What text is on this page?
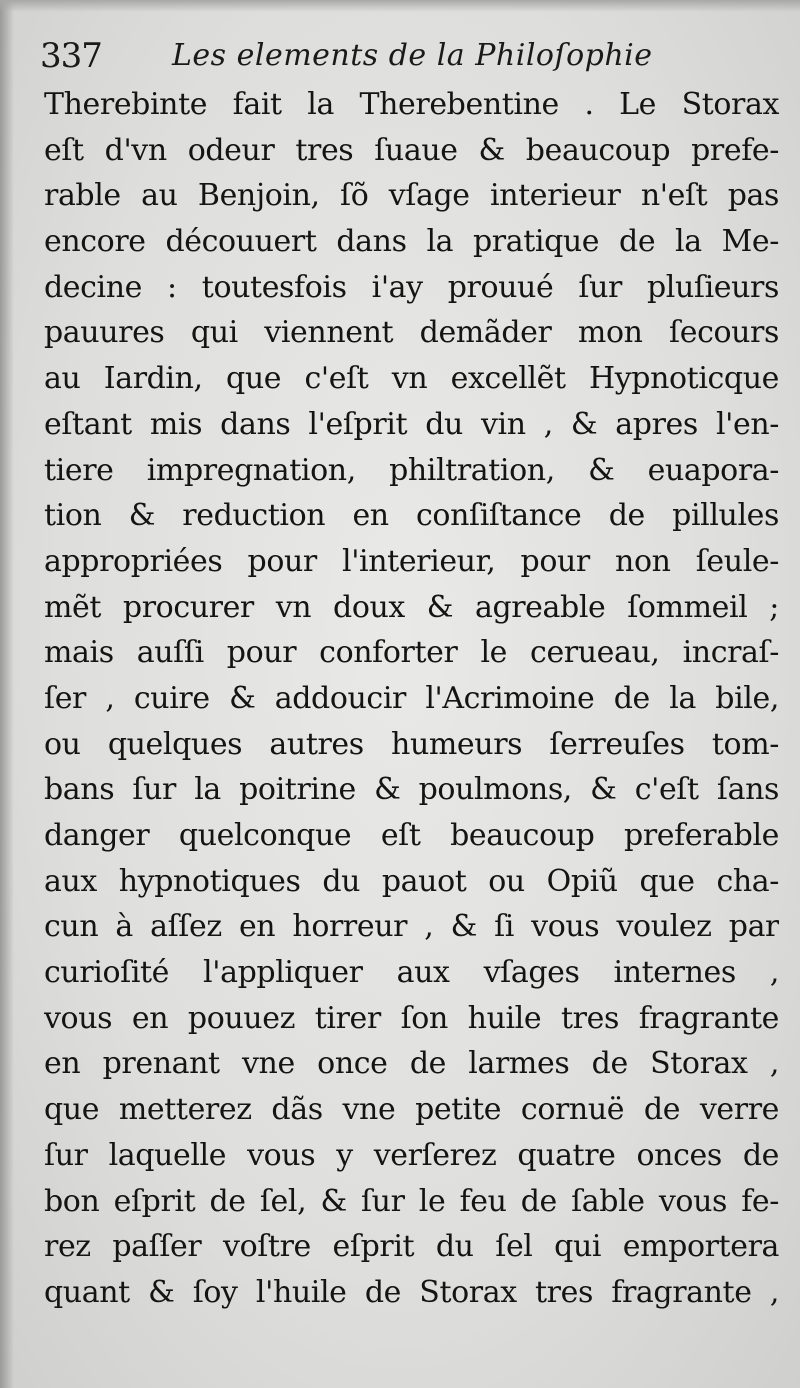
337 Les elements de la Philoſophie
Therebinte fait la Therebentine . Le Storax
eſt d'vn odeur tres ſuaue & beaucoup prefe-
rable au Benjoin, ſõ vſage interieur n'eſt pas
encore découuert dans la pratique de la Me-
decine : toutesfois i'ay prouué ſur pluſieurs
pauures qui viennent demãder mon ſecours
au Iardin, que c'eſt vn excellẽt Hypnoticque
eſtant mis dans l'eſprit du vin , & apres l'en-
tiere impregnation, philtration, & euapora-
tion & reduction en conſiſtance de pillules
appropriées pour l'interieur, pour non ſeule-
mẽt procurer vn doux & agreable ſommeil ;
mais auſſi pour conforter le cerueau, incraſ-
ſer , cuire & addoucir l'Acrimoine de la bile,
ou quelques autres humeurs ſerreuſes tom-
bans ſur la poitrine & poulmons, & c'eſt ſans
danger quelconque eſt beaucoup preferable
aux hypnotiques du pauot ou Opiũ que cha-
cun à aſſez en horreur , & ſi vous voulez par
curioſité l'appliquer aux vſages internes ,
vous en pouuez tirer ſon huile tres fragrante
en prenant vne once de larmes de Storax ,
que metterez dãs vne petite cornuë de verre
ſur laquelle vous y verſerez quatre onces de
bon eſprit de ſel, & ſur le feu de ſable vous fe-
rez paſſer voſtre eſprit du ſel qui emportera
quant & ſoy l'huile de Storax tres fragrante ,
